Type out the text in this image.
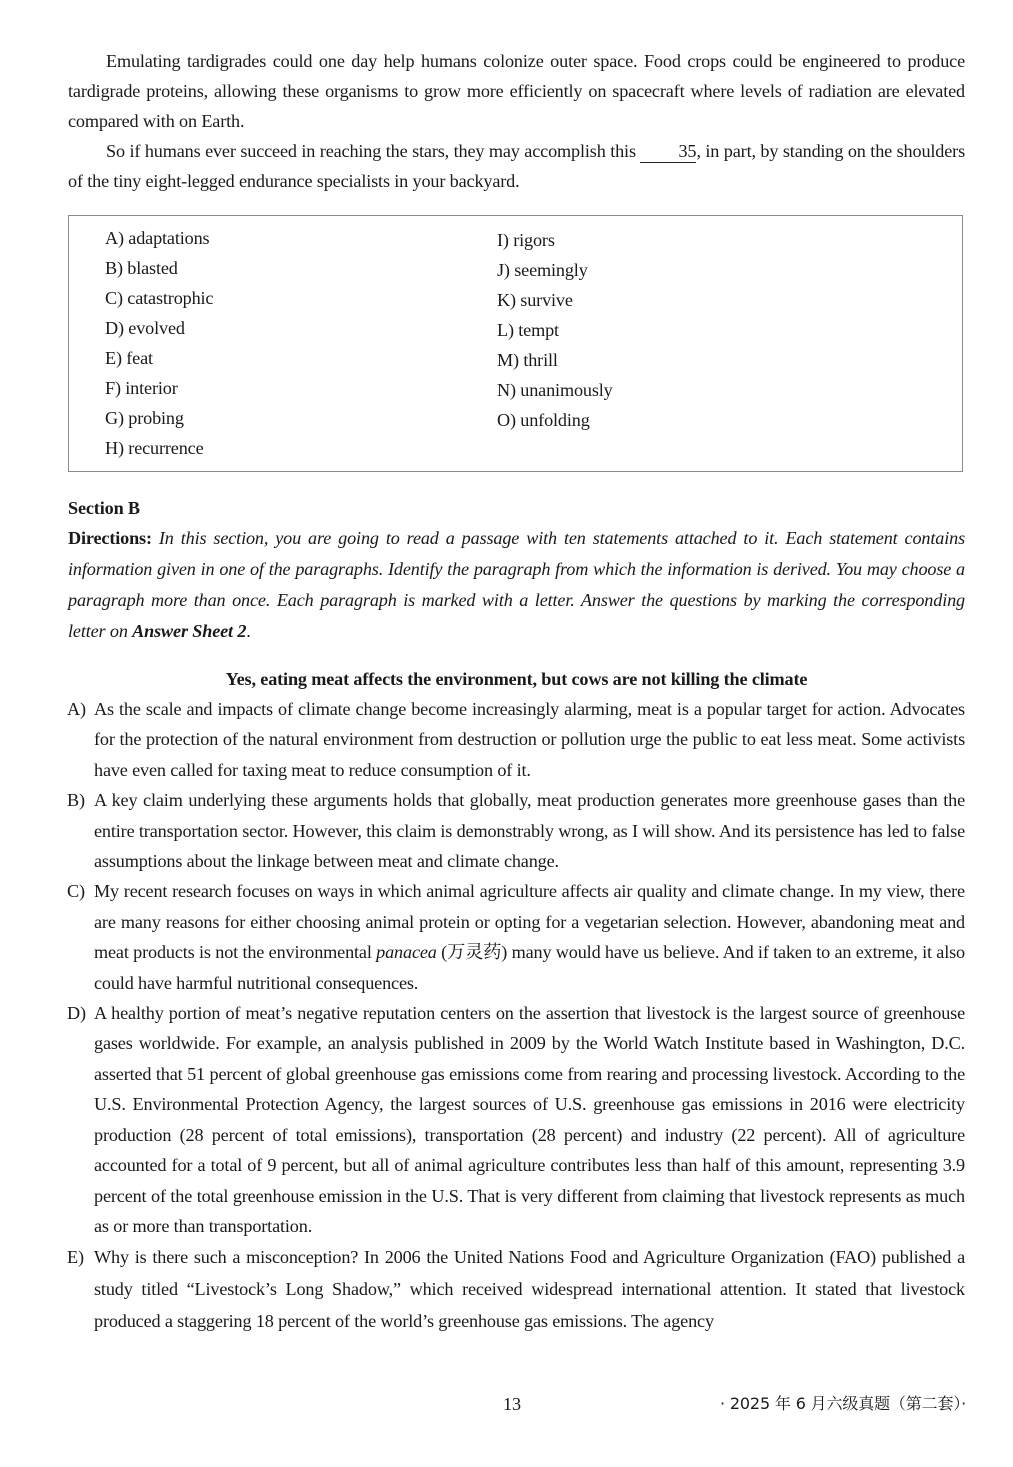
Emulating tardigrades could one day help humans colonize outer space. Food crops could be engineered to produce tardigrade proteins, allowing these organisms to grow more efficiently on spacecraft where levels of radiation are elevated compared with on Earth.

So if humans ever succeed in reaching the stars, they may accomplish this 35, in part, by standing on the shoulders of the tiny eight-legged endurance specialists in your backyard.

A) adaptations
B) blasted
C) catastrophic
D) evolved
E) feat
F) interior
G) probing
H) recurrence
I) rigors
J) seemingly
K) survive
L) tempt
M) thrill
N) unanimously
O) unfolding

Section B

Directions: In this section, you are going to read a passage with ten statements attached to it. Each statement contains information given in one of the paragraphs. Identify the paragraph from which the information is derived. You may choose a paragraph more than once. Each paragraph is marked with a letter. Answer the questions by marking the corresponding letter on Answer Sheet 2.

Yes, eating meat affects the environment, but cows are not killing the climate

A) As the scale and impacts of climate change become increasingly alarming, meat is a popular target for action. Advocates for the protection of the natural environment from destruction or pollution urge the public to eat less meat. Some activists have even called for taxing meat to reduce consumption of it.

B) A key claim underlying these arguments holds that globally, meat production generates more greenhouse gases than the entire transportation sector. However, this claim is demonstrably wrong, as I will show. And its persistence has led to false assumptions about the linkage between meat and climate change.

C) My recent research focuses on ways in which animal agriculture affects air quality and climate change. In my view, there are many reasons for either choosing animal protein or opting for a vegetarian selection. However, abandoning meat and meat products is not the environmental panacea (万灵药) many would have us believe. And if taken to an extreme, it also could have harmful nutritional consequences.

D) A healthy portion of meat’s negative reputation centers on the assertion that livestock is the largest source of greenhouse gases worldwide. For example, an analysis published in 2009 by the World Watch Institute based in Washington, D.C. asserted that 51 percent of global greenhouse gas emissions come from rearing and processing livestock. According to the U.S. Environmental Protection Agency, the largest sources of U.S. greenhouse gas emissions in 2016 were electricity production (28 percent of total emissions), transportation (28 percent) and industry (22 percent). All of agriculture accounted for a total of 9 percent, but all of animal agriculture contributes less than half of this amount, representing 3.9 percent of the total greenhouse emission in the U.S. That is very different from claiming that livestock represents as much as or more than transportation.

E) Why is there such a misconception? In 2006 the United Nations Food and Agriculture Organization (FAO) published a study titled “Livestock’s Long Shadow,” which received widespread international attention. It stated that livestock produced a staggering 18 percent of the world’s greenhouse gas emissions. The agency

13	· 2025 年 6 月六级真题（第二套）·
